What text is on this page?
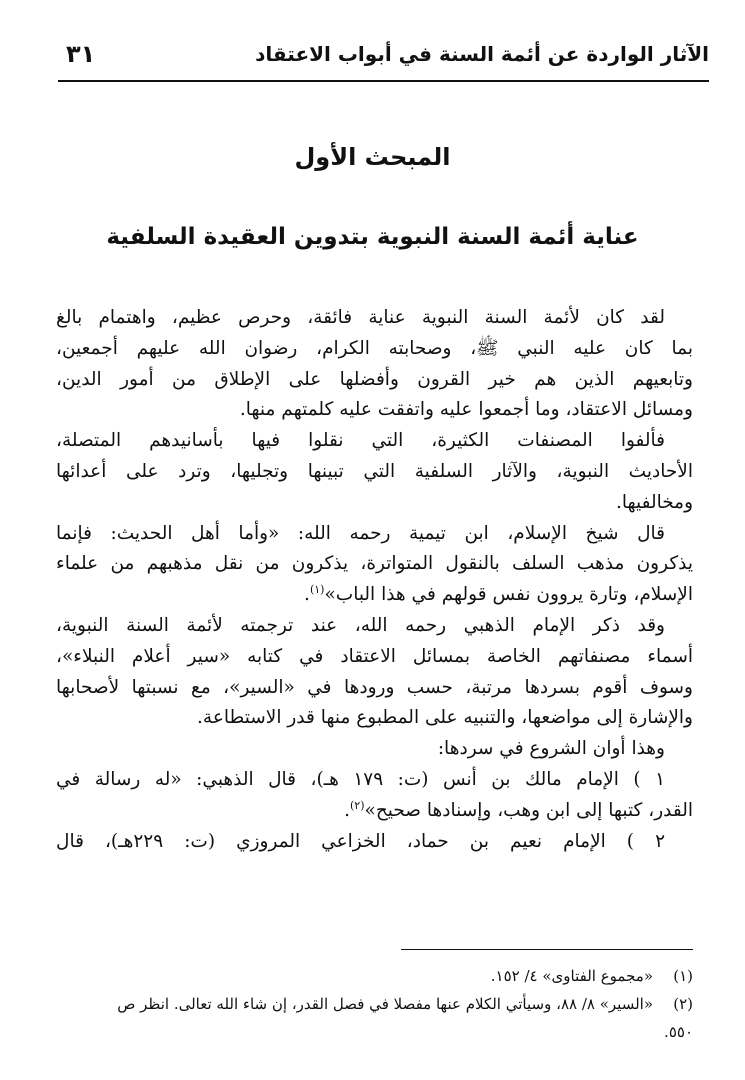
الآثار الواردة عن أئمة السنة في أبواب الاعتقاد
٣١
المبحث الأول
عناية أئمة السنة النبوية بتدوين العقيدة السلفية
لقد كان لأئمة السنة النبوية عناية فائقة، وحرص عظيم، واهتمام بالغ
بما كان عليه النبي ﷺ، وصحابته الكرام، رضوان الله عليهم أجمعين،
وتابعيهم الذين هم خير القرون وأفضلها على الإطلاق من أمور الدين،
ومسائل الاعتقاد، وما أجمعوا عليه واتفقت عليه كلمتهم منها.
فألفوا المصنفات الكثيرة، التي نقلوا فيها بأسانيدهم المتصلة،
الأحاديث النبوية، والآثار السلفية التي تبينها وتجليها، وترد على أعدائها
ومخالفيها.
قال شيخ الإسلام، ابن تيمية رحمه الله: «وأما أهل الحديث: فإنما
يذكرون مذهب السلف بالنقول المتواترة، يذكرون من نقل مذهبهم من علماء
الإسلام، وتارة يروون نفس قولهم في هذا الباب»$^{(١)}$.
وقد ذكر الإمام الذهبي رحمه الله، عند ترجمته لأئمة السنة النبوية،
أسماء مصنفاتهم الخاصة بمسائل الاعتقاد في كتابه «سير أعلام النبلاء»،
وسوف أقوم بسردها مرتبة، حسب ورودها في «السير»، مع نسبتها لأصحابها
والإشارة إلى مواضعها، والتنبيه على المطبوع منها قدر الاستطاعة.
وهذا أوان الشروع في سردها:
١ ) الإمام مالك بن أنس (ت: ١٧٩ هـ)، قال الذهبي: «له رسالة في
القدر، كتبها إلى ابن وهب، وإسنادها صحيح»$^{(٢)}$.
٢ ) الإمام نعيم بن حماد، الخزاعي المروزي (ت: ٢٢٩هـ)، قال
(١)«مجموع الفتاوى» ٤/ ١٥٢.
(٢)«السير» ٨/ ٨٨، وسيأتي الكلام عنها مفصلا في فصل القدر، إن شاء الله تعالى. انظر ص
٥٥٠.
